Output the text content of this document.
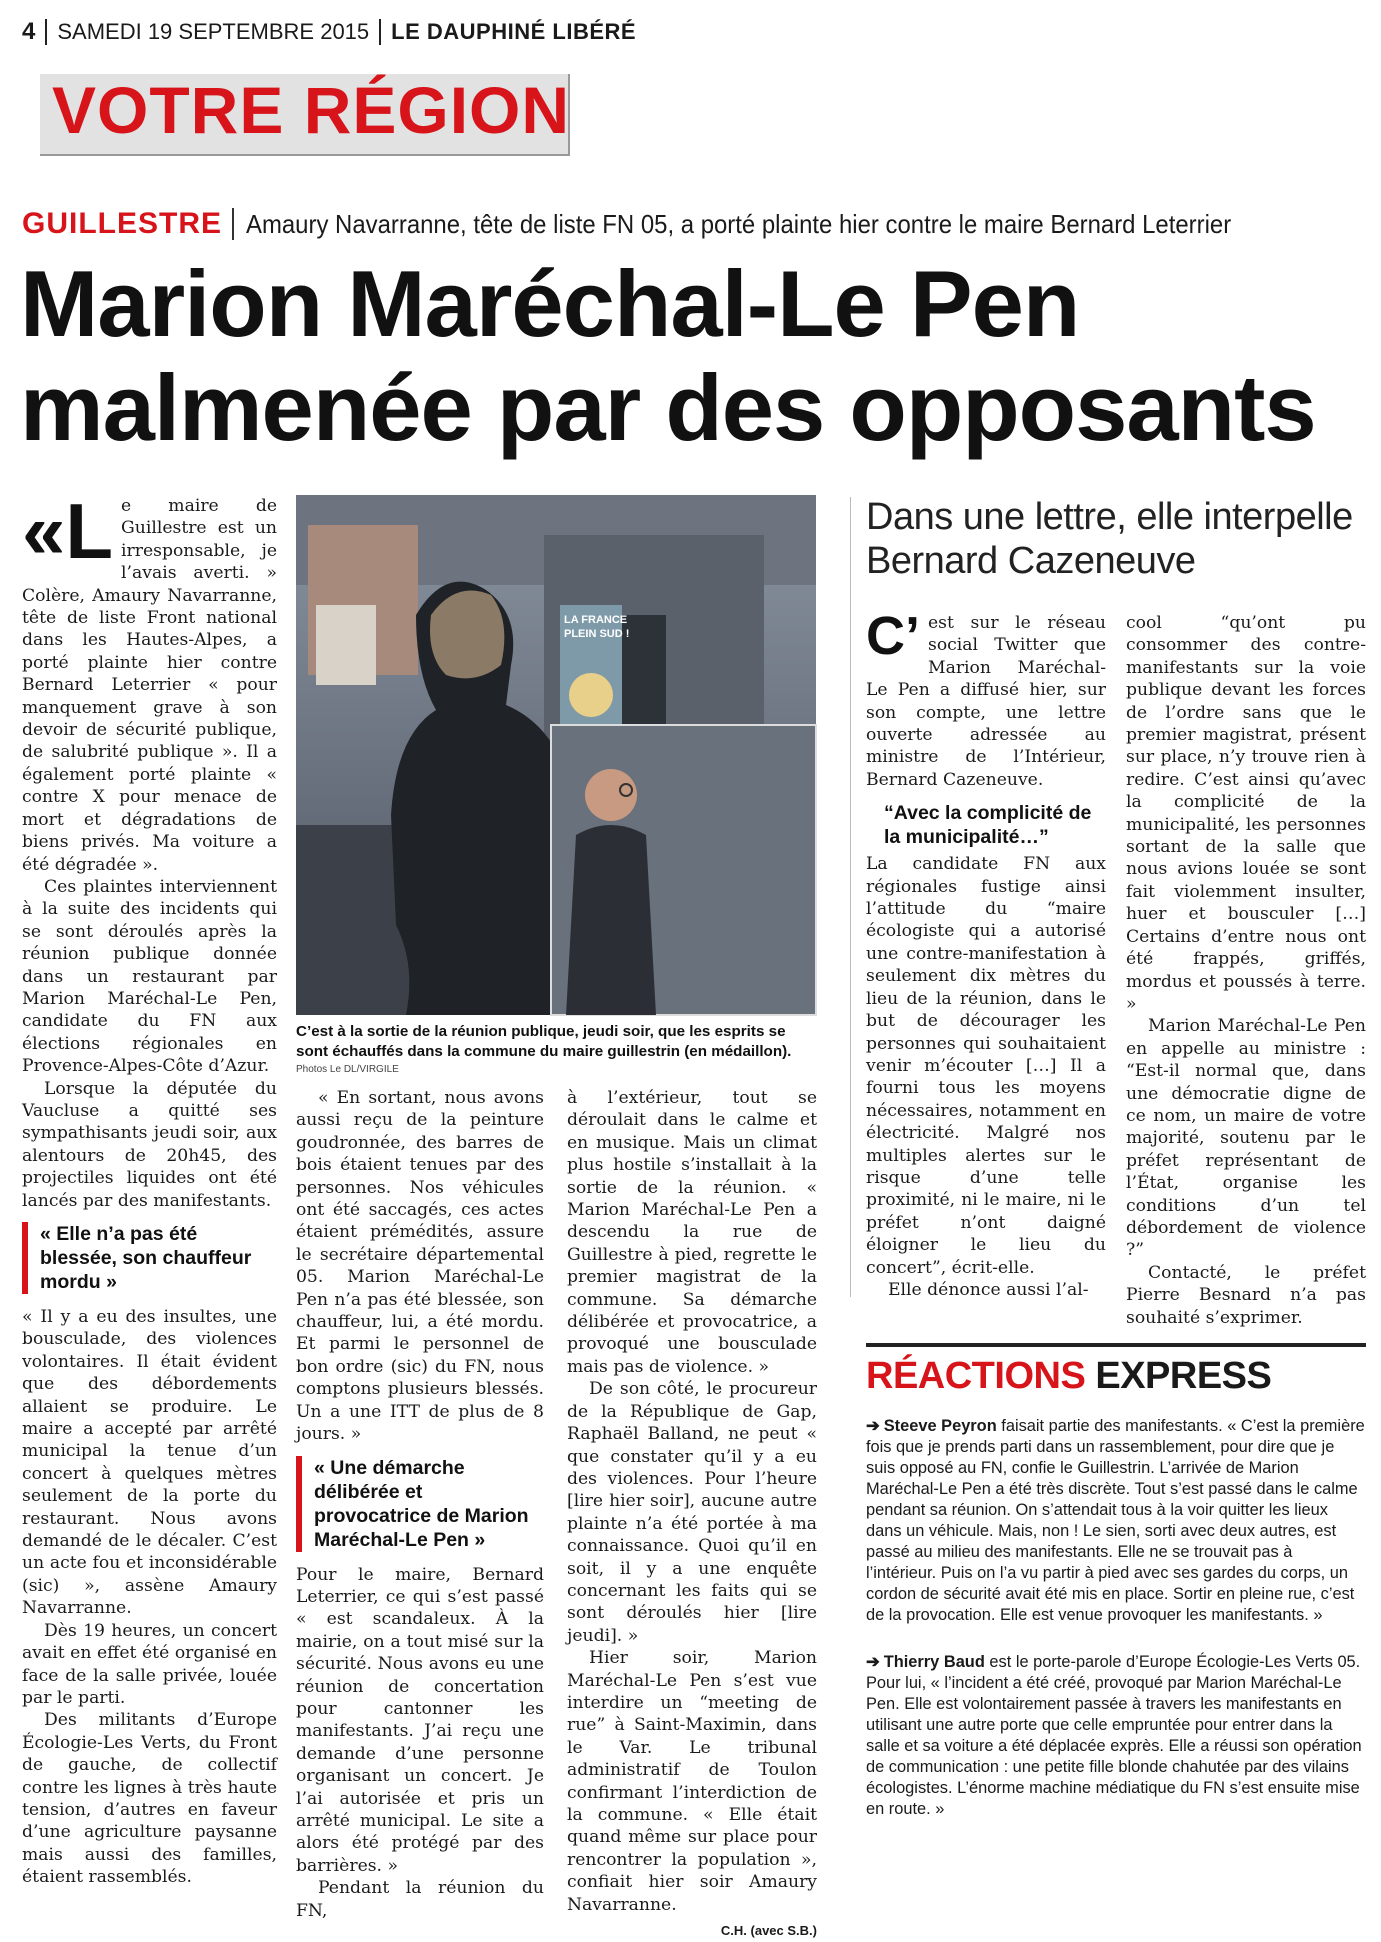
4 SAMEDI 19 SEPTEMBRE 2015 LE DAUPHINÉ LIBÉRÉ
VOTRE RÉGION
GUILLESTRE Amaury Navarranne, tête de liste FN 05, a porté plainte hier contre le maire Bernard Leterrier
Marion Maréchal-Le Pen
malmenée par des opposants

«Le maire de Guillestre est un irresponsable, je l’avais averti. » Colère, Amaury Navarranne, tête de liste Front national dans les Hautes-Alpes, a porté plainte hier contre Bernard Leterrier « pour manquement grave à son devoir de sécurité publique, de salubrité publique ». Il a également porté plainte « contre X pour menace de mort et dégradations de biens privés. Ma voiture a été dégradée ».

Ces plaintes interviennent à la suite des incidents qui se sont déroulés après la réunion publique donnée dans un restaurant par Marion Maréchal-Le Pen, candidate du FN aux élections régionales en Provence-Alpes-Côte d’Azur.

Lorsque la députée du Vaucluse a quitté ses sympathisants jeudi soir, aux alentours de 20h45, des projectiles liquides ont été lancés par des manifestants.

« Elle n’a pas été blessée, son chauffeur mordu »

« Il y a eu des insultes, une bousculade, des violences volontaires. Il était évident que des débordements allaient se produire. Le maire a accepté par arrêté municipal la tenue d’un concert à quelques mètres seulement de la porte du restaurant. Nous avons demandé de le décaler. C’est un acte fou et inconsidérable (sic) », assène Amaury Navarranne.

Dès 19 heures, un concert avait en effet été organisé en face de la salle privée, louée par le parti.

Des militants d’Europe Écologie-Les Verts, du Front de gauche, de collectif contre les lignes à très haute tension, d’autres en faveur d’une agriculture paysanne mais aussi des familles, étaient rassemblés.

LA FRANCE
PLEIN SUD !
C’est à la sortie de la réunion publique, jeudi soir, que les esprits se sont échauffés dans la commune du maire guillestrin (en médaillon).
Photos Le DL/VIRGILE

« En sortant, nous avons aussi reçu de la peinture goudronnée, des barres de bois étaient tenues par des personnes. Nos véhicules ont été saccagés, ces actes étaient prémédités, assure le secrétaire départemental 05. Marion Maréchal-Le Pen n’a pas été blessée, son chauffeur, lui, a été mordu. Et parmi le personnel de bon ordre (sic) du FN, nous comptons plusieurs blessés. Un a une ITT de plus de 8 jours. »

« Une démarche délibérée et provocatrice de Marion Maréchal-Le Pen »

Pour le maire, Bernard Leterrier, ce qui s’est passé « est scandaleux. À la mairie, on a tout misé sur la sécurité. Nous avons eu une réunion de concertation pour cantonner les manifestants. J’ai reçu une demande d’une personne organisant un concert. Je l’ai autorisée et pris un arrêté municipal. Le site a alors été protégé par des barrières. »

Pendant la réunion du FN,

à l’extérieur, tout se déroulait dans le calme et en musique. Mais un climat plus hostile s’installait à la sortie de la réunion. « Marion Maréchal-Le Pen a descendu la rue de Guillestre à pied, regrette le premier magistrat de la commune. Sa démarche délibérée et provocatrice, a provoqué une bousculade mais pas de violence. »

De son côté, le procureur de la République de Gap, Raphaël Balland, ne peut « que constater qu’il y a eu des violences. Pour l’heure [lire hier soir], aucune autre plainte n’a été portée à ma connaissance. Quoi qu’il en soit, il y a une enquête concernant les faits qui se sont déroulés hier [lire jeudi]. »

Hier soir, Marion Maréchal-Le Pen s’est vue interdire un “meeting de rue” à Saint-Maximin, dans le Var. Le tribunal administratif de Toulon confirmant l’interdiction de la commune. « Elle était quand même sur place pour rencontrer la population », confiait hier soir Amaury Navarranne.

C.H. (avec S.B.)
Dans une lettre, elle interpelle Bernard Cazeneuve

C’ est sur le réseau social Twitter que Marion Maréchal-Le Pen a diffusé hier, sur son compte, une lettre ouverte adressée au ministre de l’Intérieur, Bernard Cazeneuve.

“Avec la complicité de la municipalité…”

La candidate FN aux régionales fustige ainsi l’attitude du “maire écologiste qui a autorisé une contre-manifestation à seulement dix mètres du lieu de la réunion, dans le but de décourager les personnes qui souhaitaient venir m’écouter […] Il a fourni tous les moyens nécessaires, notamment en électricité. Malgré nos multiples alertes sur le risque d’une telle proximité, ni le maire, ni le préfet n’ont daigné éloigner le lieu du concert”, écrit-elle.

Elle dénonce aussi l’al-

cool “qu’ont pu consommer des contre-manifestants sur la voie publique devant les forces de l’ordre sans que le premier magistrat, présent sur place, n’y trouve rien à redire. C’est ainsi qu’avec la complicité de la municipalité, les personnes sortant de la salle que nous avions louée se sont fait violemment insulter, huer et bousculer […] Certains d’entre nous ont été frappés, griffés, mordus et poussés à terre. »

Marion Maréchal-Le Pen en appelle au ministre : “Est-il normal que, dans une démocratie digne de ce nom, un maire de votre majorité, soutenu par le préfet représentant de l’État, organise les conditions d’un tel débordement de violence ?”

Contacté, le préfet Pierre Besnard n’a pas souhaité s’exprimer.

RÉACTIONS EXPRESS
➔ Steeve Peyron faisait partie des manifestants. « C’est la première fois que je prends parti dans un rassemblement, pour dire que je suis opposé au FN, confie le Guillestrin. L’arrivée de Marion Maréchal-Le Pen a été très discrète. Tout s’est passé dans le calme pendant sa réunion. On s’attendait tous à la voir quitter les lieux dans un véhicule. Mais, non ! Le sien, sorti avec deux autres, est passé au milieu des manifestants. Elle ne se trouvait pas à l’intérieur. Puis on l’a vu partir à pied avec ses gardes du corps, un cordon de sécurité avait été mis en place. Sortir en pleine rue, c’est de la provocation. Elle est venue provoquer les manifestants. »
➔ Thierry Baud est le porte-parole d’Europe Écologie-Les Verts 05. Pour lui, « l’incident a été créé, provoqué par Marion Maréchal-Le Pen. Elle est volontairement passée à travers les manifestants en utilisant une autre porte que celle empruntée pour entrer dans la salle et sa voiture a été déplacée exprès. Elle a réussi son opération de communication : une petite fille blonde chahutée par des vilains écologistes. L’énorme machine médiatique du FN s’est ensuite mise en route. »
